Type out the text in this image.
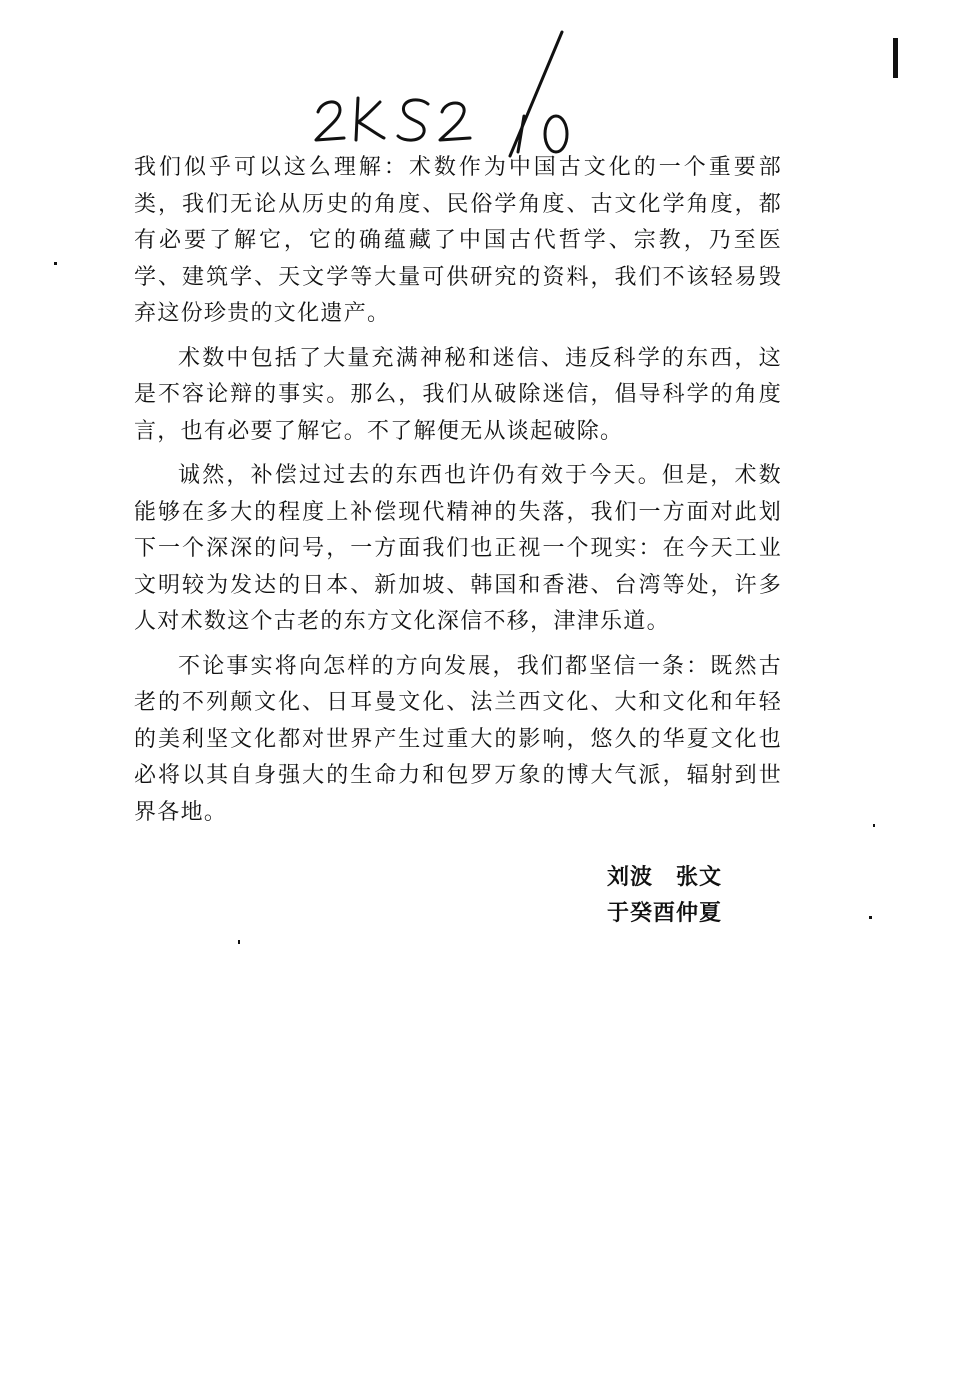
我们似乎可以这么理解：术数作为中国古文化的一个重要部类，我们无论从历史的角度、民俗学角度、古文化学角度，都有必要了解它，它的确蕴藏了中国古代哲学、宗教，乃至医学、建筑学、天文学等大量可供研究的资料，我们不该轻易毁弃这份珍贵的文化遗产。

术数中包括了大量充满神秘和迷信、违反科学的东西，这是不容论辩的事实。那么，我们从破除迷信，倡导科学的角度言，也有必要了解它。不了解便无从谈起破除。

诚然，补偿过过去的东西也许仍有效于今天。但是，术数能够在多大的程度上补偿现代精神的失落，我们一方面对此划下一个深深的问号，一方面我们也正视一个现实：在今天工业文明较为发达的日本、新加坡、韩国和香港、台湾等处，许多人对术数这个古老的东方文化深信不移，津津乐道。

不论事实将向怎样的方向发展，我们都坚信一条：既然古老的不列颠文化、日耳曼文化、法兰西文化、大和文化和年轻的美利坚文化都对世界产生过重大的影响，悠久的华夏文化也必将以其自身强大的生命力和包罗万象的博大气派，辐射到世界各地。

刘波　张文
于癸酉仲夏
